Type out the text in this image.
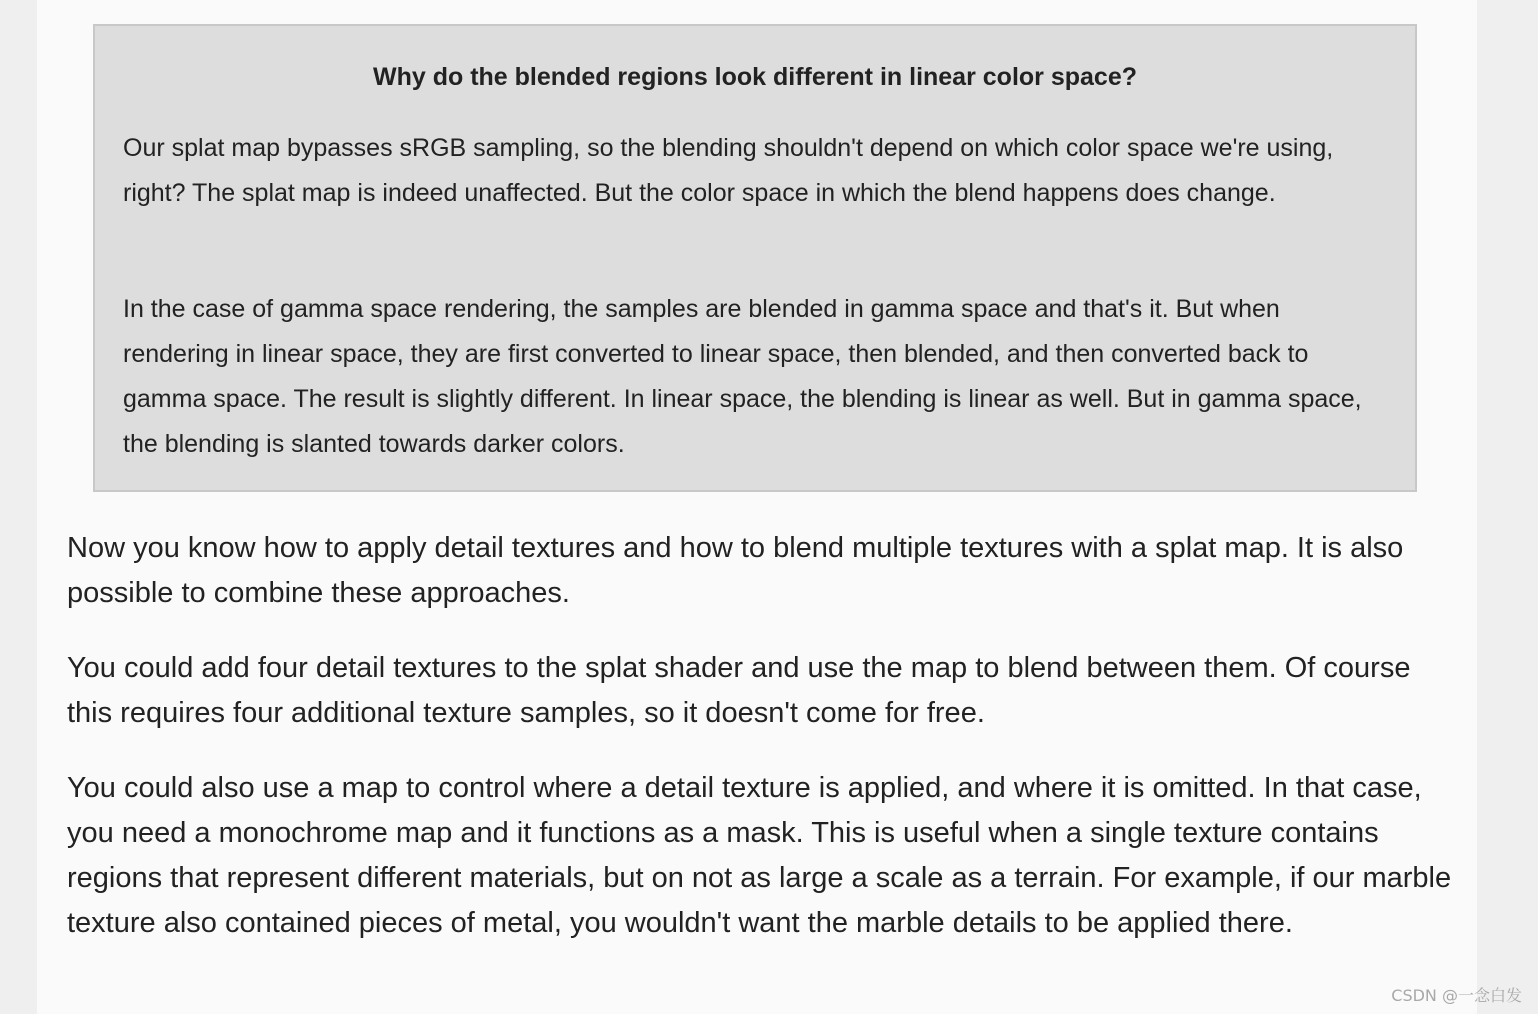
Why do the blended regions look different in linear color space?

Our splat map bypasses sRGB sampling, so the blending shouldn't depend on which color space we're using, right? The splat map is indeed unaffected. But the color space in which the blend happens does change.

In the case of gamma space rendering, the samples are blended in gamma space and that's it. But when rendering in linear space, they are first converted to linear space, then blended, and then converted back to gamma space. The result is slightly different. In linear space, the blending is linear as well. But in gamma space, the blending is slanted towards darker colors.

Now you know how to apply detail textures and how to blend multiple textures with a splat map. It is also possible to combine these approaches.

You could add four detail textures to the splat shader and use the map to blend between them. Of course this requires four additional texture samples, so it doesn't come for free.

You could also use a map to control where a detail texture is applied, and where it is omitted. In that case, you need a monochrome map and it functions as a mask. This is useful when a single texture contains regions that represent different materials, but on not as large a scale as a terrain. For example, if our marble texture also contained pieces of metal, you wouldn't want the marble details to be applied there.

CSDN @一念白发
